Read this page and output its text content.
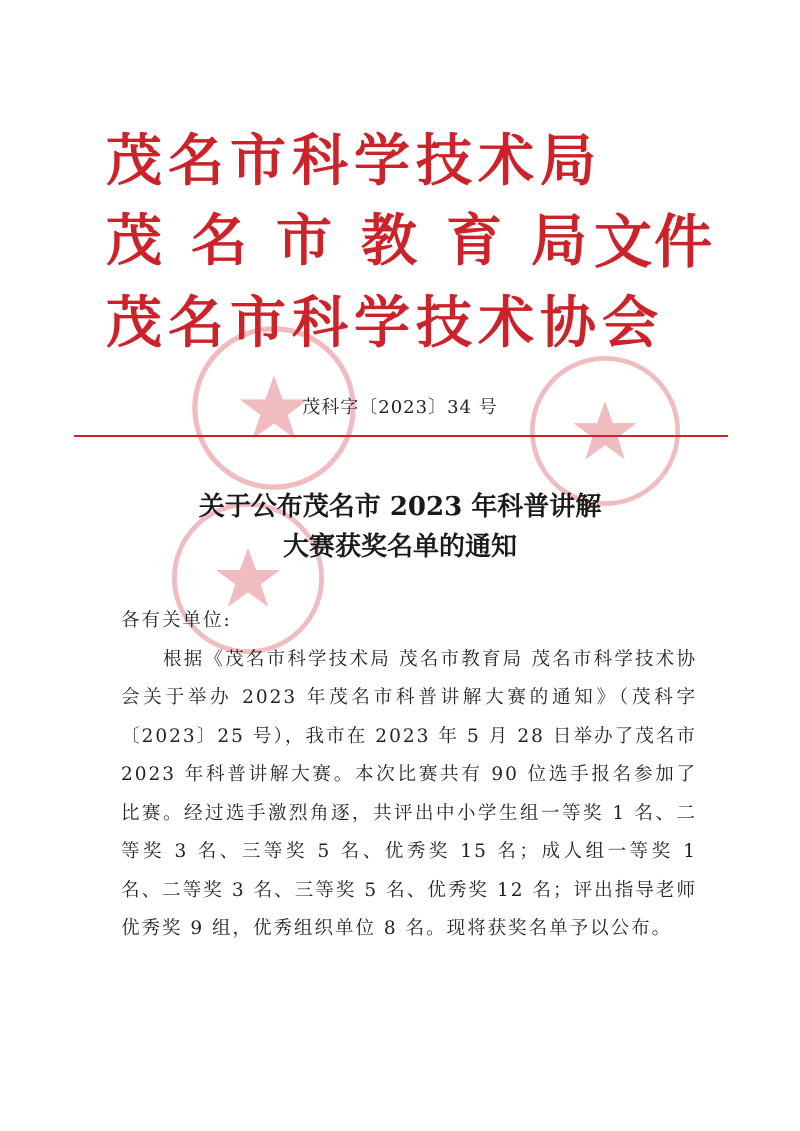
茂名市科学技术局
茂名市教育局
茂名市科学技术协会
文件
茂科字〔2023〕34 号
关于公布茂名市 2023 年科普讲解
大赛获奖名单的通知
各有关单位:
根据《茂名市科学技术局 茂名市教育局 茂名市科学技术协会关于举办 2023 年茂名市科普讲解大赛的通知》（茂科字〔2023〕25 号），我市在 2023 年 5 月 28 日举办了茂名市 2023 年科普讲解大赛。本次比赛共有 90 位选手报名参加了比赛。经过选手激烈角逐，共评出中小学生组一等奖 1 名、二等奖 3 名、三等奖 5 名、优秀奖 15 名；成人组一等奖 1 名、二等奖 3 名、三等奖 5 名、优秀奖 12 名；评出指导老师优秀奖 9 组，优秀组织单位 8 名。现将获奖名单予以公布。
